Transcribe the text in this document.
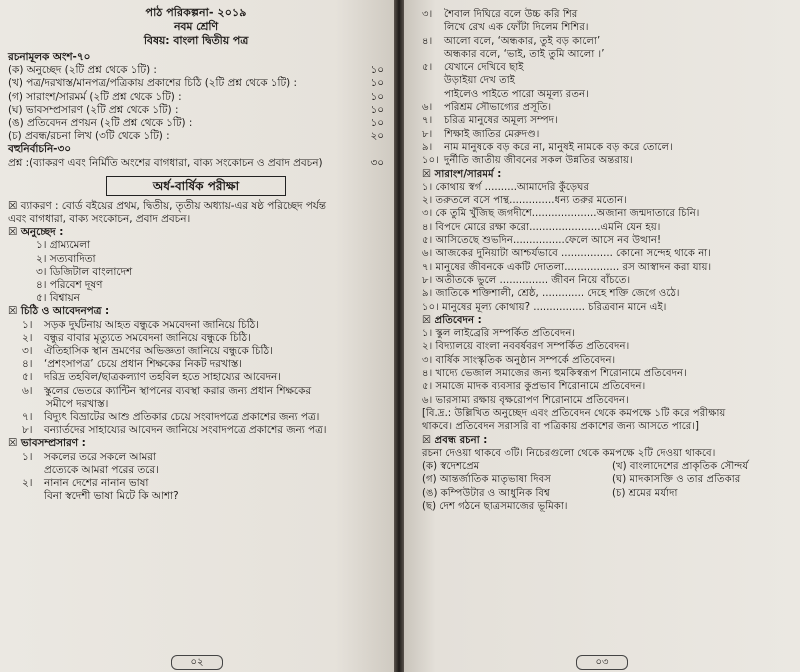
পাঠ পরিকল্পনা- ২০১৯
নবম শ্রেণি
বিষয়: বাংলা দ্বিতীয় পত্র
রচনামূলক অংশ-৭০
(ক) অনুচ্ছেদ (২টি প্রশ্ন থেকে ১টি) :	১০
(খ) পত্র/দরখাস্ত/মানপত্র/পত্রিকায় প্রকাশের চিঠি (২টি প্রশ্ন থেকে ১টি) :	১০
(গ) সারাংশ/সারমর্ম (২টি প্রশ্ন থেকে ১টি) :	১০
(ঘ) ভাবসম্প্রসারণ (২টি প্রশ্ন থেকে ১টি) :	১০
(ঙ) প্রতিবেদন প্রণয়ন (২টি প্রশ্ন থেকে ১টি) :	১০
(চ) প্রবন্ধ/রচনা লিখ (৩টি থেকে ১টি) :	২০
বহুনির্বাচনি-৩০
প্রশ্ন :(ব্যাকরণ এবং নির্মিতি অংশের বাগধারা, বাক্য সংকোচন ও প্রবাদ প্রবচন)	৩০
অর্ধ-বার্ষিক পরীক্ষা
☒ ব্যাকরণ : বোর্ড বইয়ের প্রথম, দ্বিতীয়, তৃতীয় অধ্যায়-এর ষষ্ঠ পরিচ্ছেদ পর্যন্ত
এবং বাগধারা, বাক্য সংকোচন, প্রবাদ প্রবচন।
☒ অনুচ্ছেদ :
১। গ্রাম্যমেলা
২। সত্যবাদিতা
৩। ডিজিটাল বাংলাদেশ
৪। পরিবেশ দূষণ
৫। বিশ্বায়ন
☒ চিঠি ও আবেদনপত্র :
১।	সড়ক দুর্ঘটনায় আহত বন্ধুকে সমবেদনা জানিয়ে চিঠি।
২।	বন্ধুর বাবার মৃত্যুতে সমবেদনা জানিয়ে বন্ধুকে চিঠি।
৩।	ঐতিহাসিক স্থান ভ্রমণের অভিজ্ঞতা জানিয়ে বন্ধুকে চিঠি।
৪।	‘প্রশংসাপত্র’ চেয়ে প্রধান শিক্ষকের নিকট দরখাস্ত।
৫।	দরিদ্র তহবিল/ছাত্রকল্যাণ তহবিল হতে সাহায্যের আবেদন।
৬।	স্কুলের ভেতরে ক্যান্টিন স্থাপনের ব্যবস্থা করার জন্য প্রধান শিক্ষকের
সমীপে দরখাস্ত।
৭।	বিদ্যুৎ বিভ্রাটের আশু প্রতিকার চেয়ে সংবাদপত্রে প্রকাশের জন্য পত্র।
৮।	বন্যার্তদের সাহায্যের আবেদন জানিয়ে সংবাদপত্রে প্রকাশের জন্য পত্র।
☒ ভাবসম্প্রসারণ :
১।	সকলের তরে সকলে আমরা
প্রত্যেকে আমরা পরের তরে।
২।	নানান দেশের নানান ভাষা
বিনা স্বদেশী ভাষা মিটে কি আশা?
০২
৩।	শৈবাল দিঘিরে বলে উচ্চ করি শির
লিখে রেখ এক ফোঁটা দিলেম শিশির।
৪।	আলো বলে, ‘অন্ধকার, তুই বড় কালো’
অন্ধকার বলে, ‘ভাই, তাই তুমি আলো ।’
৫।	যেখানে দেখিবে ছাই
উড়াইয়া দেখ তাই
পাইলেও পাইতে পারো অমূল্য রতন।
৬।	পরিশ্রম সৌভাগ্যের প্রসূতি।
৭।	চরিত্র মানুষের অমূল্য সম্পদ।
৮।	শিক্ষাই জাতির মেরুদণ্ড।
৯।	নাম মানুষকে বড় করে না, মানুষই নামকে বড় করে তোলে।
১০। দুর্নীতি জাতীয় জীবনের সকল উন্নতির অন্তরায়।
☒ সারাংশ/সারমর্ম :
১। কোথায় স্বর্গ ..........আমাদেরি কুঁড়েঘর
২। তরুতলে বসে পান্থ..............ধন্য তরুর মতোন।
৩। কে তুমি খুঁজিছ জগদীশে....................অজানা জন্মদাতারে চিনি।
৪। বিপদে মোরে রক্ষা করো......................এমনি যেন হয়।
৫। আসিতেছে শুভদিন................ফেলে আসে নব উত্থান!
৬। আজকের দুনিয়াটা আশ্চর্যভাবে ................ কোনো সন্দেহ থাকে না।
৭। মানুষের জীবনকে একটি দোতলা................. রস আস্বাদন করা যায়।
৮। অতীতকে ভুলে ............... জীবন নিয়ে বাঁচতে।
৯। জাতিকে শক্তিশালী, শ্রেষ্ঠ, ............. দেহে শক্তি জেগে ওঠে।
১০। মানুষের মূল্য কোথায়? ................ চরিত্রবান মানে এই।
☒ প্রতিবেদন :
১। স্কুল লাইব্রেরি সম্পর্কিত প্রতিবেদন।
২। বিদ্যালয়ে বাংলা নববর্ষবরণ সম্পর্কিত প্রতিবেদন।
৩। বার্ষিক সাংস্কৃতিক অনুষ্ঠান সম্পর্কে প্রতিবেদন।
৪। খাদ্যে ভেজাল সমাজের জন্য হুমকিস্বরূপ শিরোনামে প্রতিবেদন।
৫। সমাজে মাদক ব্যবসার কুপ্রভাব শিরোনামে প্রতিবেদন।
৬। ভারসাম্য রক্ষায় বৃক্ষরোপণ শিরোনামে প্রতিবেদন।
[বি.দ্র.: উল্লিখিত অনুচ্ছেদ এবং প্রতিবেদন থেকে কমপক্ষে ১টি করে পরীক্ষায়
থাকবে। প্রতিবেদন সরাসরি বা পত্রিকায় প্রকাশের জন্য আসতে পারে।]
☒ প্রবন্ধ রচনা :
রচনা দেওয়া থাকবে ৩টি। নিচেরগুলো থেকে কমপক্ষে ২টি দেওয়া থাকবে।
(ক) স্বদেশপ্রেম	(খ) বাংলাদেশের প্রাকৃতিক সৌন্দর্য
(গ) আন্তর্জাতিক মাতৃভাষা দিবস	(ঘ) মাদকাসক্তি ও তার প্রতিকার
(ঙ) কম্পিউটার ও আধুনিক বিশ্ব	(চ) শ্রমের মর্যাদা
(ছ) দেশ গঠনে ছাত্রসমাজের ভূমিকা।
০৩
